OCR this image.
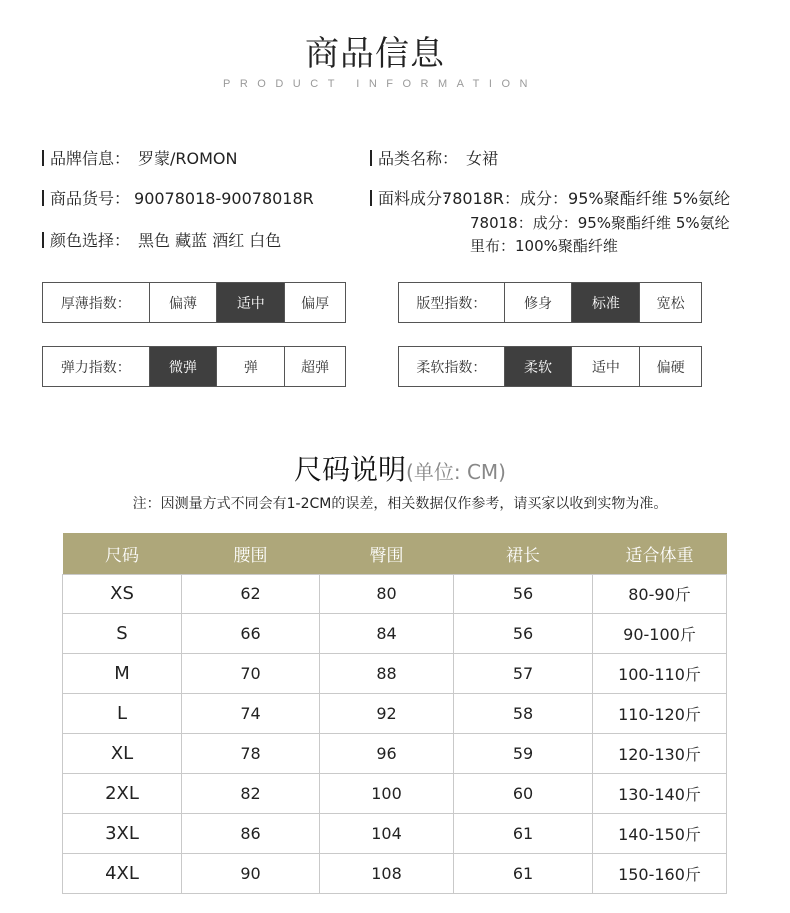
商品信息
PRODUCT INFORMATION
品牌信息： 罗蒙/ROMON	品类名称： 女裙
商品货号： 90078018-90078018R	面料成分：78018R：成分：95%聚酯纤维 5%氨纶
78018：成分：95%聚酯纤维 5%氨纶
里布：100%聚酯纤维
颜色选择： 黑色 藏蓝 酒红 白色
厚薄指数：	偏薄	适中	偏厚	版型指数：	修身	标准	宽松
弹力指数：	微弹	弹	超弹	柔软指数：	柔软	适中	偏硬
尺码说明(单位: CM)
注：因测量方式不同会有1-2CM的误差，相关数据仅作参考，请买家以收到实物为准。
尺码	腰围	臀围	裙长	适合体重
XS	62	80	56	80-90斤
S	66	84	56	90-100斤
M	70	88	57	100-110斤
L	74	92	58	110-120斤
XL	78	96	59	120-130斤
2XL	82	100	60	130-140斤
3XL	86	104	61	140-150斤
4XL	90	108	61	150-160斤
